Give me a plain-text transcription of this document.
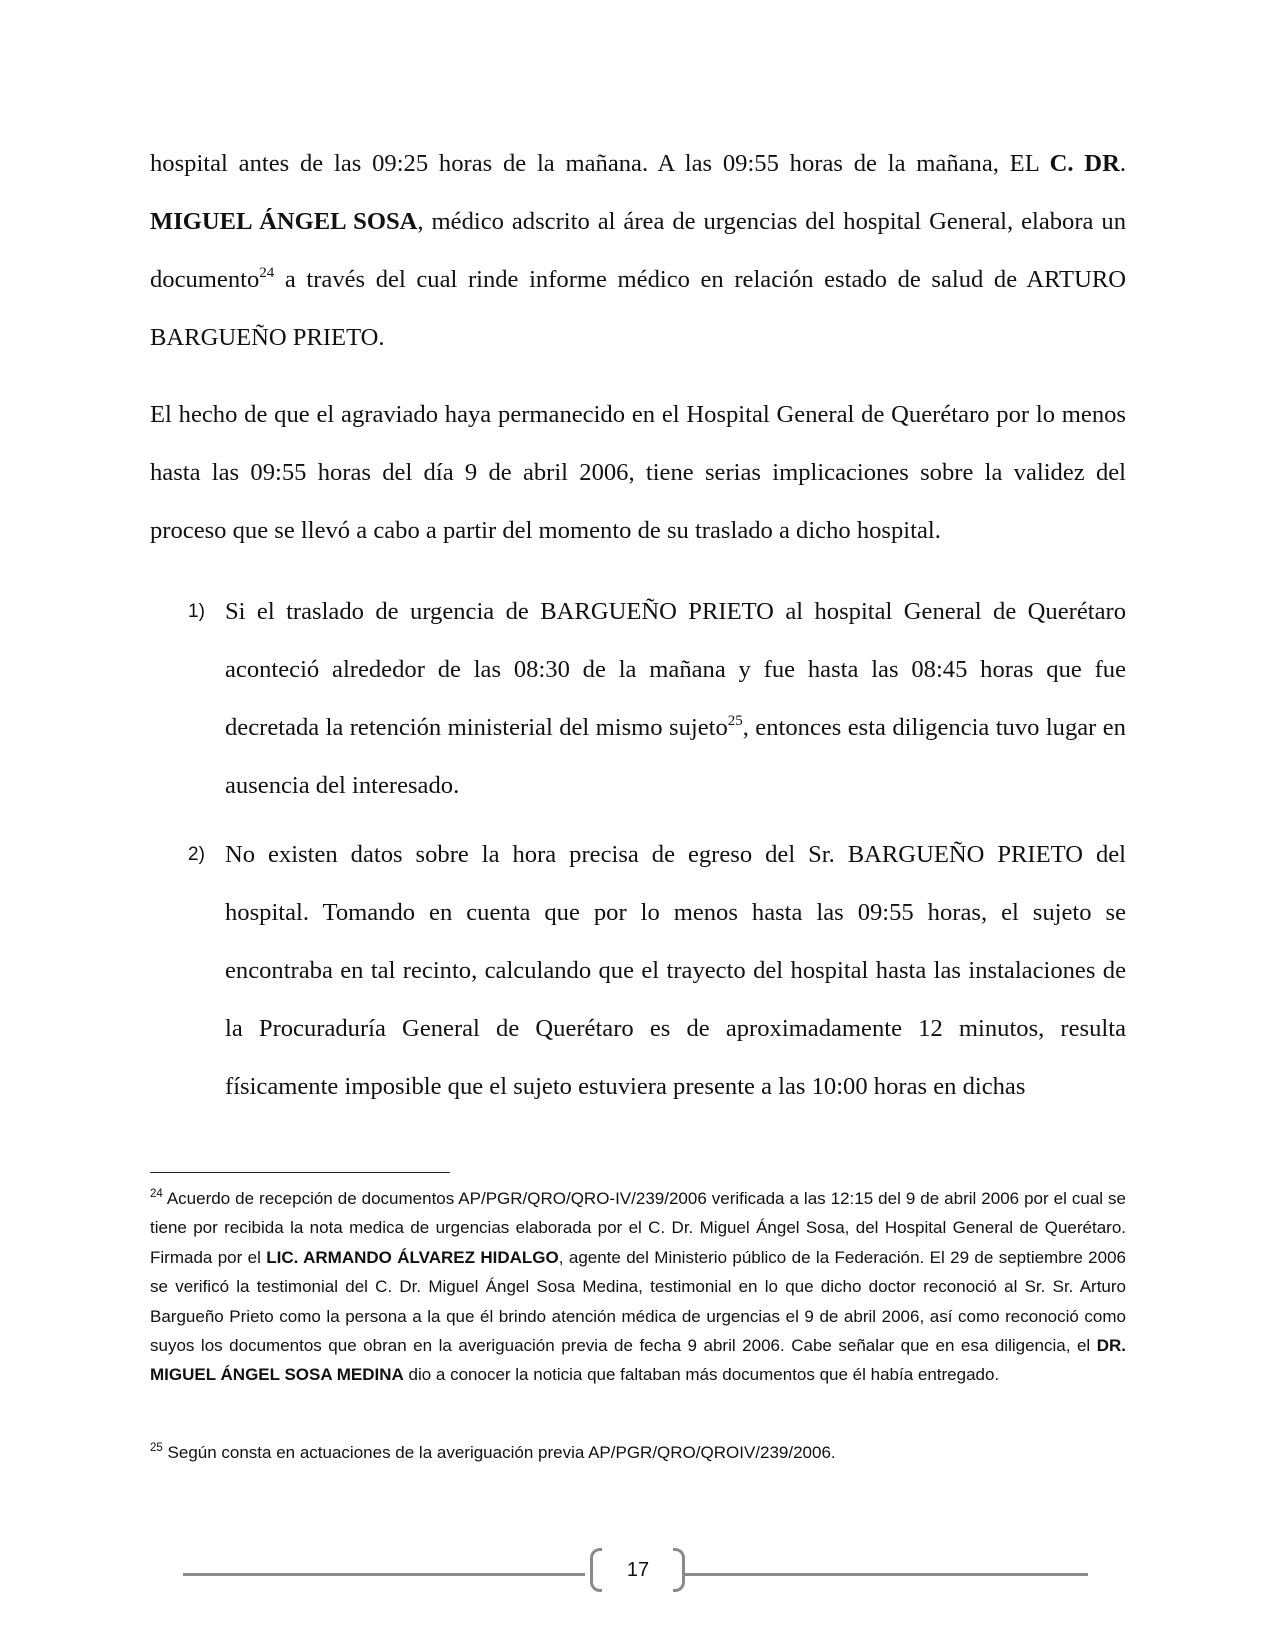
hospital antes de las 09:25 horas de la mañana. A las 09:55 horas de la mañana, EL C. DR. MIGUEL ÁNGEL SOSA, médico adscrito al área de urgencias del hospital General, elabora un documento$^{24}$ a través del cual rinde informe médico en relación estado de salud de ARTURO BARGUEÑO PRIETO.

El hecho de que el agraviado haya permanecido en el Hospital General de Querétaro por lo menos hasta las 09:55 horas del día 9 de abril 2006, tiene serias implicaciones sobre la validez del proceso que se llevó a cabo a partir del momento de su traslado a dicho hospital.

1) Si el traslado de urgencia de BARGUEÑO PRIETO al hospital General de Querétaro aconteció alrededor de las 08:30 de la mañana y fue hasta las 08:45 horas que fue decretada la retención ministerial del mismo sujeto$^{25}$, entonces esta diligencia tuvo lugar en ausencia del interesado.

2) No existen datos sobre la hora precisa de egreso del Sr. BARGUEÑO PRIETO del hospital. Tomando en cuenta que por lo menos hasta las 09:55 horas, el sujeto se encontraba en tal recinto, calculando que el trayecto del hospital hasta las instalaciones de la Procuraduría General de Querétaro es de aproximadamente 12 minutos, resulta físicamente imposible que el sujeto estuviera presente a las 10:00 horas en dichas

$^{24}$ Acuerdo de recepción de documentos AP/PGR/QRO/QRO-IV/239/2006 verificada a las 12:15 del 9 de abril 2006 por el cual se tiene por recibida la nota medica de urgencias elaborada por el C. Dr. Miguel Ángel Sosa, del Hospital General de Querétaro. Firmada por el LIC. ARMANDO ÁLVAREZ HIDALGO, agente del Ministerio público de la Federación. El 29 de septiembre 2006 se verificó la testimonial del C. Dr. Miguel Ángel Sosa Medina, testimonial en lo que dicho doctor reconoció al Sr. Sr. Arturo Bargueño Prieto como la persona a la que él brindo atención médica de urgencias el 9 de abril 2006, así como reconoció como suyos los documentos que obran en la averiguación previa de fecha 9 abril 2006. Cabe señalar que en esa diligencia, el DR. MIGUEL ÁNGEL SOSA MEDINA dio a conocer la noticia que faltaban más documentos que él había entregado.

$^{25}$ Según consta en actuaciones de la averiguación previa AP/PGR/QRO/QROIV/239/2006.

17
